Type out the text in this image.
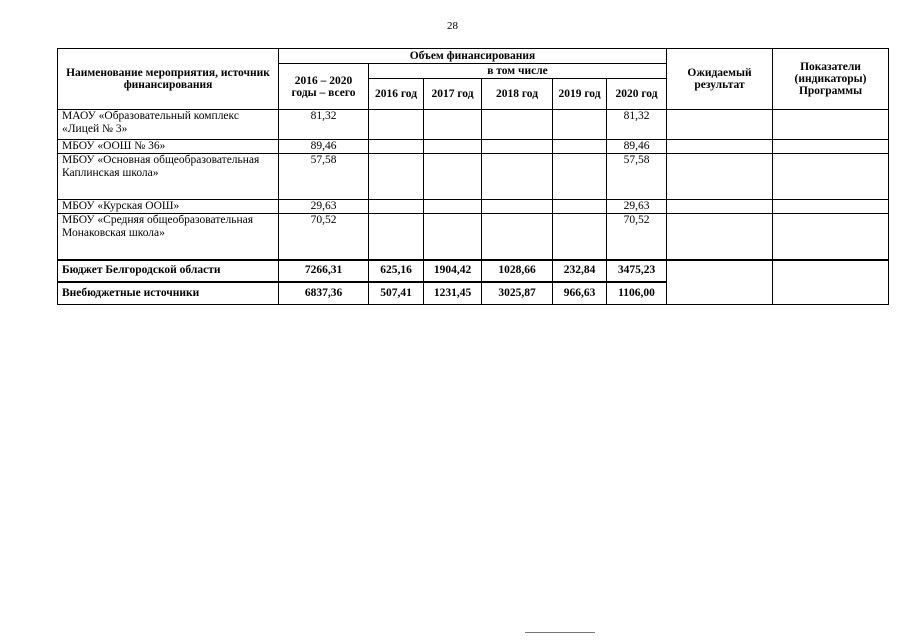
28
Наименование мероприятия, источник финансирования	Объем финансирования						Ожидаемый результат	Показатели (индикаторы) Программы
	2016 – 2020 годы – всего	в том числе						
		2016 год	2017 год	2018 год	2019 год	2020 год		
МАОУ «Образовательный комплекс «Лицей № 3»	81,32					81,32		
МБОУ «ООШ № 36»	89,46					89,46		
МБОУ «Основная общеобразовательная Каплинская школа»	57,58					57,58		
МБОУ «Курская ООШ»	29,63					29,63		
МБОУ «Средняя общеобразовательная Монаковская школа»	70,52					70,52		
Бюджет Белгородской области	7266,31	625,16	1904,42	1028,66	232,84	3475,23		
Внебюджетные источники	6837,36	507,41	1231,45	3025,87	966,63	1106,00		
